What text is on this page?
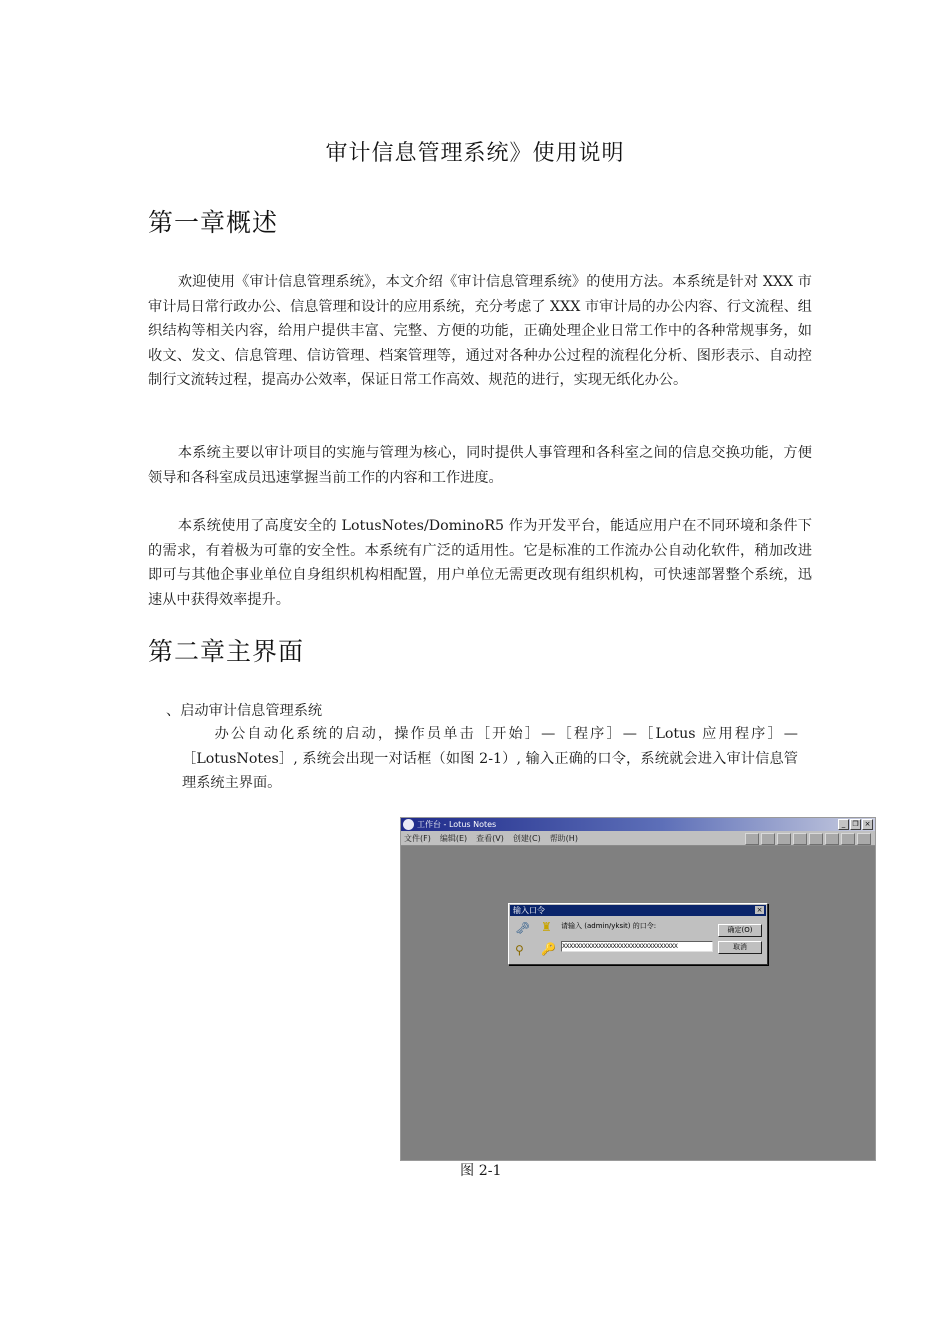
审计信息管理系统》使用说明
第一章概述

欢迎使用《审计信息管理系统》，本文介绍《审计信息管理系统》的使用方法。本系统是针对 XXX 市审计局日常行政办公、信息管理和设计的应用系统，充分考虑了 XXX 市审计局的办公内容、行文流程、组织结构等相关内容，给用户提供丰富、完整、方便的功能，正确处理企业日常工作中的各种常规事务，如收文、发文、信息管理、信访管理、档案管理等，通过对各种办公过程的流程化分析、图形表示、自动控制行文流转过程，提高办公效率，保证日常工作高效、规范的进行，实现无纸化办公。

本系统主要以审计项目的实施与管理为核心，同时提供人事管理和各科室之间的信息交换功能，方便领导和各科室成员迅速掌握当前工作的内容和工作进度。

本系统使用了高度安全的 LotusNotes/DominoR5 作为开发平台，能适应用户在不同环境和条件下的需求，有着极为可靠的安全性。本系统有广泛的适用性。它是标准的工作流办公自动化软件，稍加改进即可与其他企事业单位自身组织机构相配置，用户单位无需更改现有组织机构，可快速部署整个系统，迅速从中获得效率提升。

第二章主界面
、启动审计信息管理系统

办公自动化系统的启动，操作员单击［开始］—［程序］—［Lotus 应用程序］—［LotusNotes］, 系统会出现一对话框（如图 2-1）, 输入正确的口令，系统就会进入审计信息管理系统主界面。

工作台 - Lotus Notes	_	❐ ×
文件(F) 编辑(E) 查看(V) 创建(C) 帮助(H)
输入口令	×
🗝 ♜
⚲ 🔑
请输入 (admin/yksit) 的口令:
XXXXXXXXXXXXXXXXXXXXXXXXXXXXXXXX
确定(O)
取消
图 2-1
